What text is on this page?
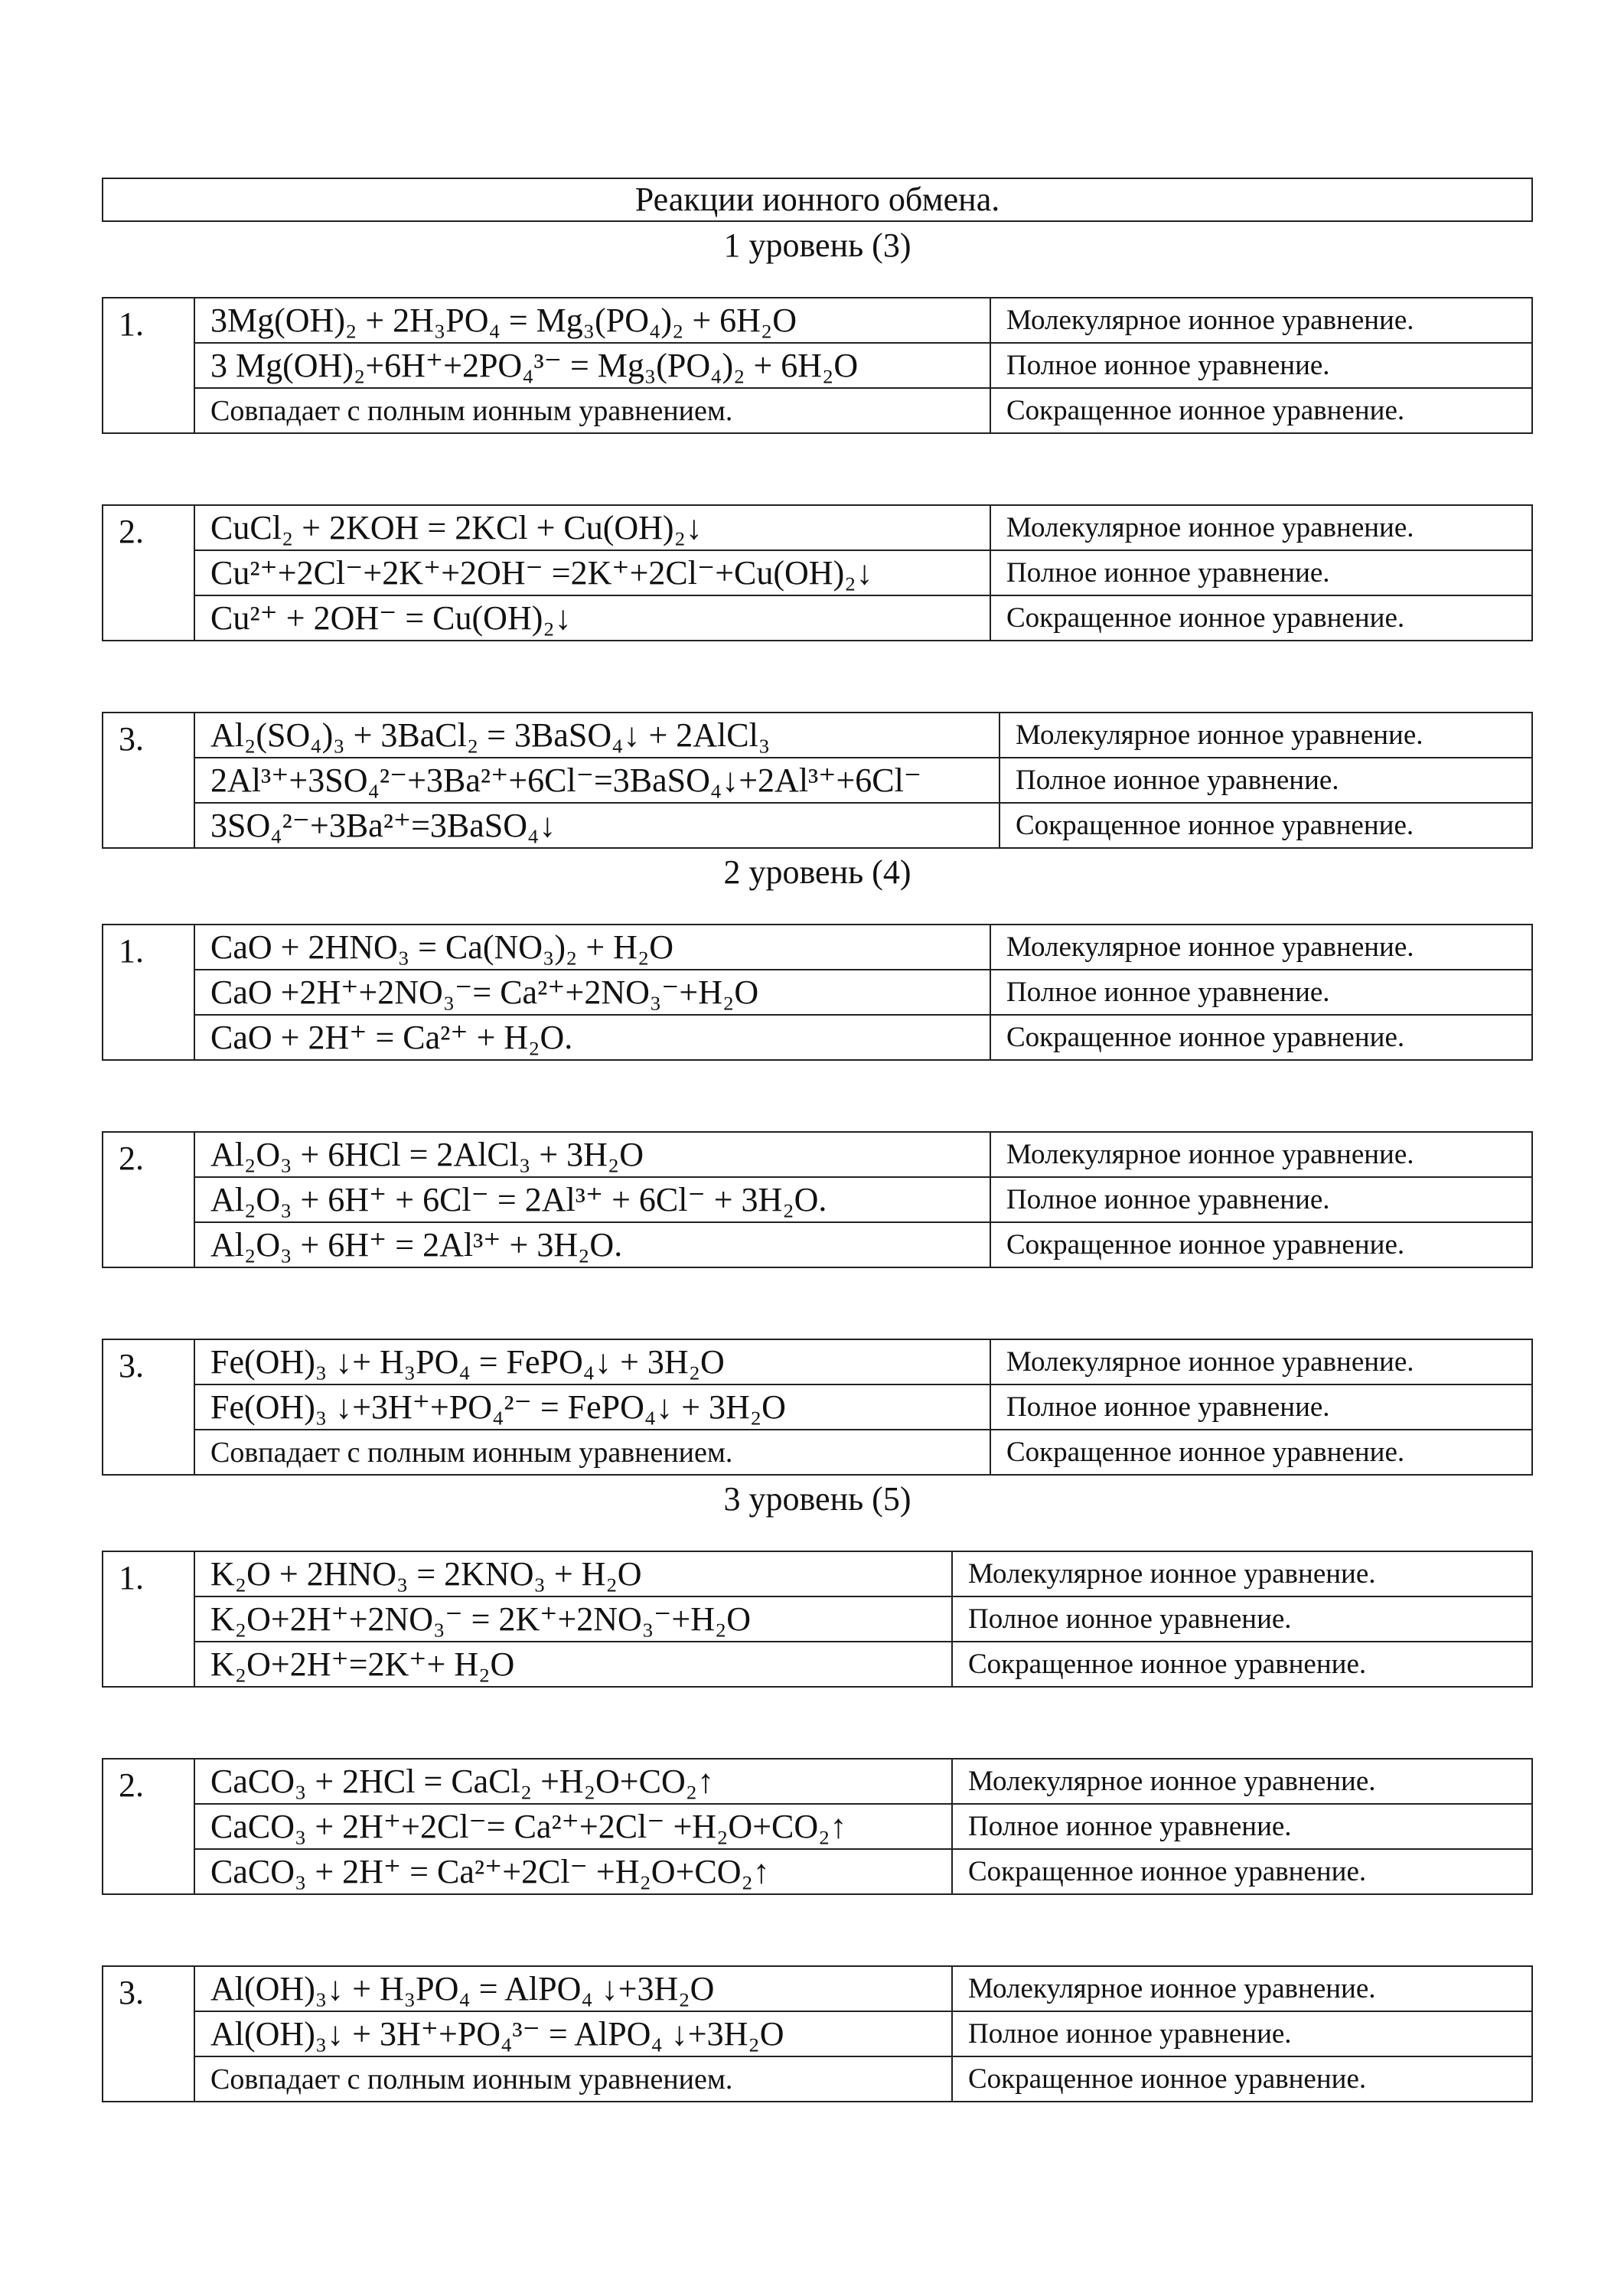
Реакции ионного обмена.
1 уровень (3)
1.	3Mg(OH)₂ + 2H₃PO₄ = Mg₃(PO₄)₂ + 6H₂O	Молекулярное ионное уравнение.
	3 Mg(OH)₂+6H⁺+2PO₄³⁻ = Mg₃(PO₄)₂ + 6H₂O	Полное ионное уравнение.
	Совпадает с полным ионным уравнением.	Сокращенное ионное уравнение.
2.	CuCl₂ + 2KOH = 2KCl + Cu(OH)₂↓	Молекулярное ионное уравнение.
	Cu²⁺+2Cl⁻+2K⁺+2OH⁻ =2K⁺+2Cl⁻+Cu(OH)₂↓	Полное ионное уравнение.
	Cu²⁺ + 2OH⁻ = Cu(OH)₂↓	Сокращенное ионное уравнение.
3.	Al₂(SO₄)₃ + 3BaCl₂ = 3BaSO₄↓ + 2AlCl₃	Молекулярное ионное уравнение.
	2Al³⁺+3SO₄²⁻+3Ba²⁺+6Cl⁻=3BaSO₄↓+2Al³⁺+6Cl⁻	Полное ионное уравнение.
	3SO₄²⁻+3Ba²⁺=3BaSO₄↓	Сокращенное ионное уравнение.
2 уровень (4)
1.	CaO + 2HNO₃ = Ca(NO₃)₂ + H₂O	Молекулярное ионное уравнение.
	CaO +2H⁺+2NO₃⁻= Ca²⁺+2NO₃⁻+H₂O	Полное ионное уравнение.
	CaO + 2H⁺ = Ca²⁺ + H₂O.	Сокращенное ионное уравнение.
2.	Al₂O₃ + 6HCl = 2AlCl₃ + 3H₂O	Молекулярное ионное уравнение.
	Al₂O₃ + 6H⁺ + 6Cl⁻ = 2Al³⁺ + 6Cl⁻ + 3H₂O.	Полное ионное уравнение.
	Al₂O₃ + 6H⁺ = 2Al³⁺ + 3H₂O.	Сокращенное ионное уравнение.
3.	Fe(OH)₃ ↓+ H₃PO₄ = FePO₄↓ + 3H₂O	Молекулярное ионное уравнение.
	Fe(OH)₃ ↓+3H⁺+PO₄²⁻ = FePO₄↓ + 3H₂O	Полное ионное уравнение.
	Совпадает с полным ионным уравнением.	Сокращенное ионное уравнение.
3 уровень (5)
1.	K₂O + 2HNO₃ = 2KNO₃ + H₂O	Молекулярное ионное уравнение.
	K₂O+2H⁺+2NO₃⁻ = 2K⁺+2NO₃⁻+H₂O	Полное ионное уравнение.
	K₂O+2H⁺=2K⁺+ H₂O	Сокращенное ионное уравнение.
2.	CaCO₃ + 2HCl = CaCl₂ +H₂O+CO₂↑	Молекулярное ионное уравнение.
	CaCO₃ + 2H⁺+2Cl⁻= Ca²⁺+2Cl⁻ +H₂O+CO₂↑	Полное ионное уравнение.
	CaCO₃ + 2H⁺ = Ca²⁺+2Cl⁻ +H₂O+CO₂↑	Сокращенное ионное уравнение.
3.	Al(OH)₃↓ + H₃PO₄ = AlPO₄ ↓+3H₂O	Молекулярное ионное уравнение.
	Al(OH)₃↓ + 3H⁺+PO₄³⁻ = AlPO₄ ↓+3H₂O	Полное ионное уравнение.
	Совпадает с полным ионным уравнением.	Сокращенное ионное уравнение.
